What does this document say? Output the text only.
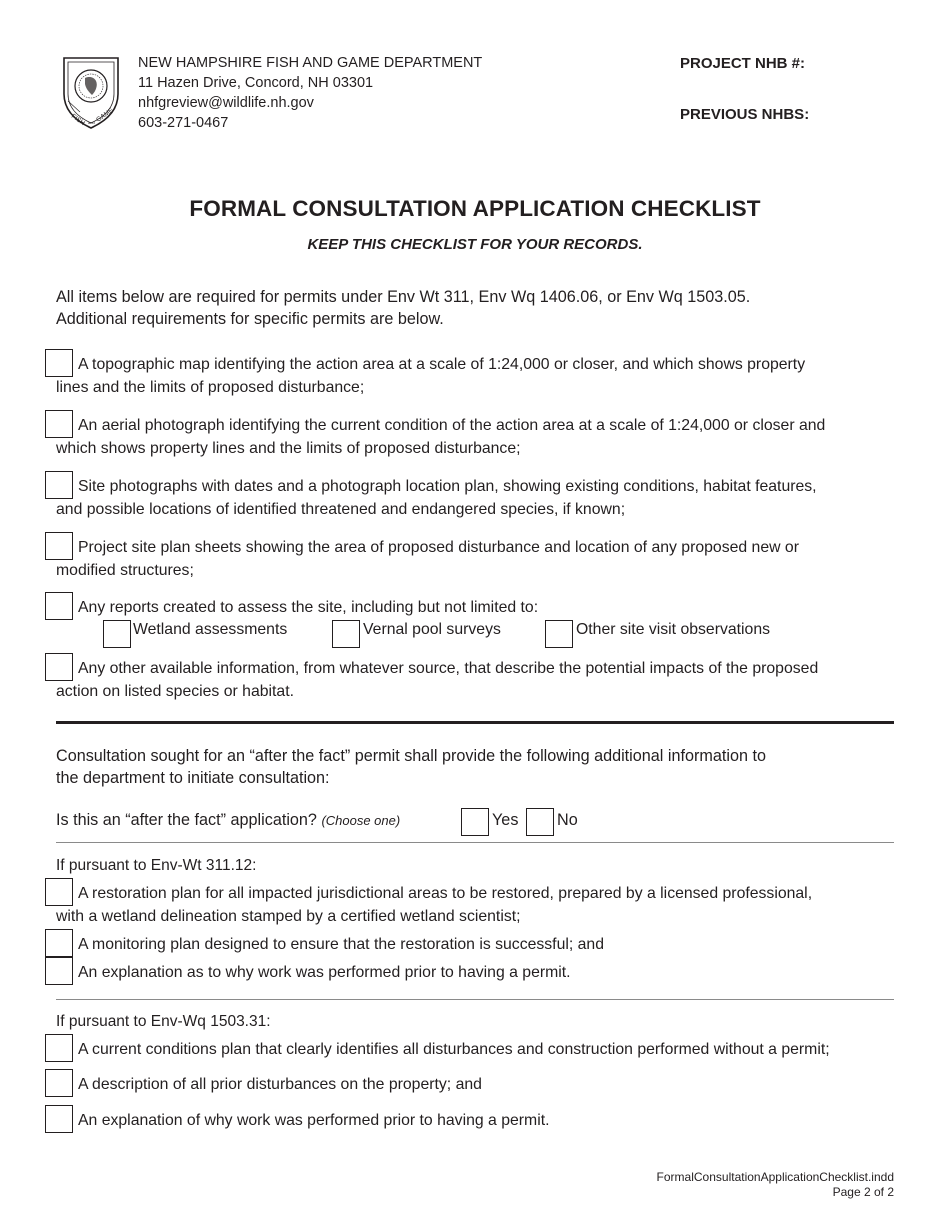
FISH and GAME
NEW HAMPSHIRE FISH AND GAME DEPARTMENT
11 Hazen Drive, Concord, NH 03301
nhfgreview@wildlife.nh.gov
603-271-0467
PROJECT NHB #:
PREVIOUS NHBS:
FORMAL CONSULTATION APPLICATION CHECKLIST
KEEP THIS CHECKLIST FOR YOUR RECORDS.
All items below are required for permits under Env Wt 311, Env Wq 1406.06, or Env Wq 1503.05.
Additional requirements for specific permits are below.
A topographic map identifying the action area at a scale of 1:24,000 or closer, and which shows property
lines and the limits of proposed disturbance;
An aerial photograph identifying the current condition of the action area at a scale of 1:24,000 or closer and
which shows property lines and the limits of proposed disturbance;
Site photographs with dates and a photograph location plan, showing existing conditions, habitat features,
and possible locations of identified threatened and endangered species, if known;
Project site plan sheets showing the area of proposed disturbance and location of any proposed new or
modified structures;
Any reports created to assess the site, including but not limited to:
Wetland assessments	Vernal pool surveys	Other site visit observations
Any other available information, from whatever source, that describe the potential impacts of the proposed
action on listed species or habitat.
Consultation sought for an “after the fact” permit shall provide the following additional information to
the department to initiate consultation:
Is this an “after the fact” application? (Choose one)	Yes No
If pursuant to Env-Wt 311.12:
A restoration plan for all impacted jurisdictional areas to be restored, prepared by a licensed professional,
with a wetland delineation stamped by a certified wetland scientist;
A monitoring plan designed to ensure that the restoration is successful; and
An explanation as to why work was performed prior to having a permit.
If pursuant to Env-Wq 1503.31:
A current conditions plan that clearly identifies all disturbances and construction performed without a permit;
A description of all prior disturbances on the property; and
An explanation of why work was performed prior to having a permit.
FormalConsultationApplicationChecklist.indd
Page 2 of 2
